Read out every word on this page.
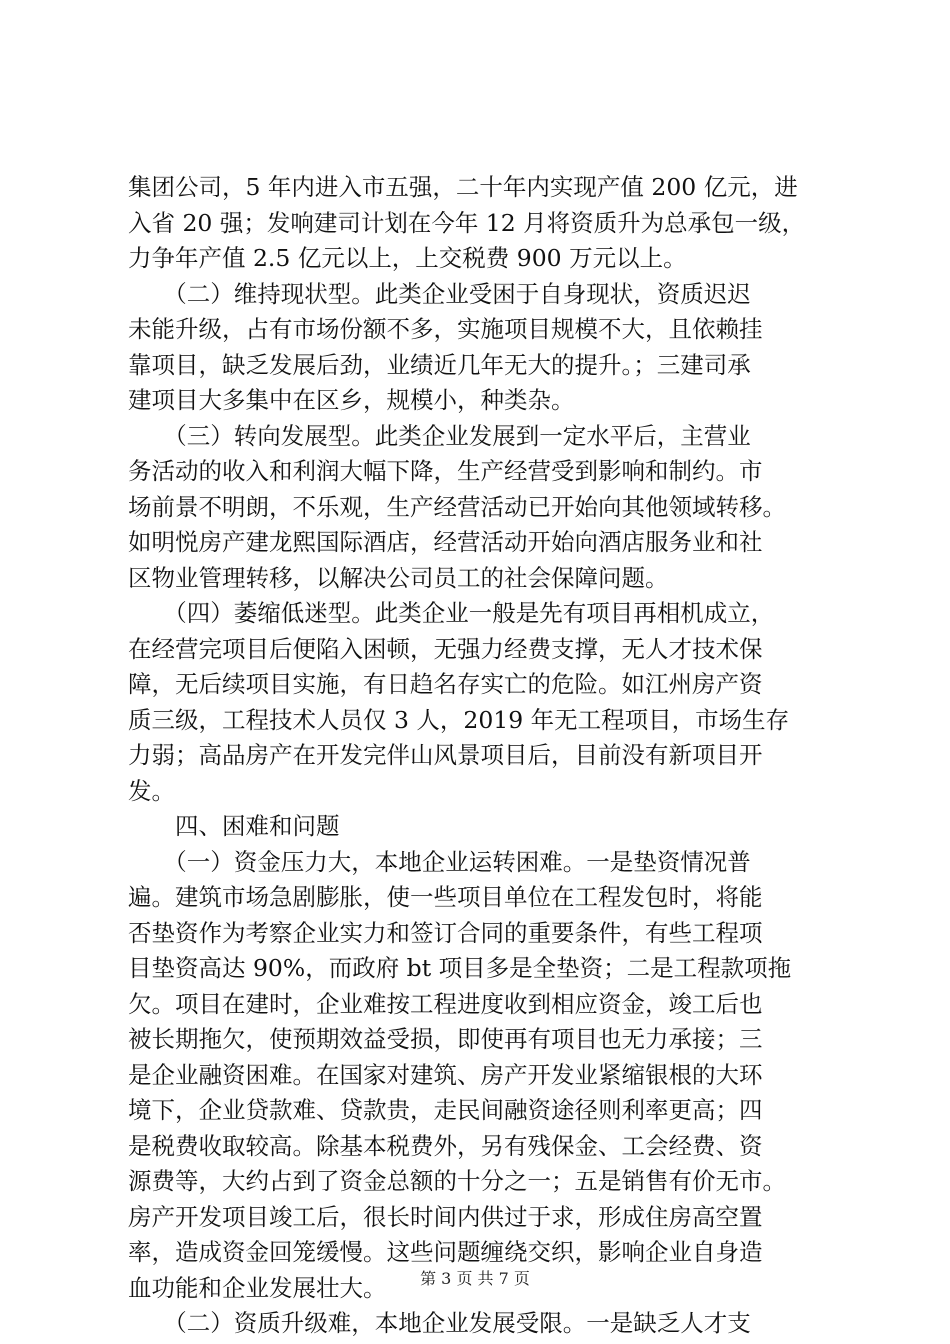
集团公司，5 年内进入市五强，二十年内实现产值 200 亿元，进
入省 20 强；发响建司计划在今年 12 月将资质升为总承包一级，
力争年产值 2.5 亿元以上，上交税费 900 万元以上。
　　（二）维持现状型。此类企业受困于自身现状，资质迟迟
未能升级，占有市场份额不多，实施项目规模不大，且依赖挂
靠项目，缺乏发展后劲，业绩近几年无大的提升。；三建司承
建项目大多集中在区乡，规模小，种类杂。
　　（三）转向发展型。此类企业发展到一定水平后，主营业
务活动的收入和利润大幅下降，生产经营受到影响和制约。市
场前景不明朗，不乐观，生产经营活动已开始向其他领域转移。
如明悦房产建龙熙国际酒店，经营活动开始向酒店服务业和社
区物业管理转移，以解决公司员工的社会保障问题。
　　（四）萎缩低迷型。此类企业一般是先有项目再相机成立，
在经营完项目后便陷入困顿，无强力经费支撑，无人才技术保
障，无后续项目实施，有日趋名存实亡的危险。如江州房产资
质三级，工程技术人员仅 3 人，2019 年无工程项目，市场生存
力弱；高品房产在开发完伴山风景项目后，目前没有新项目开
发。
　　四、困难和问题
　　（一）资金压力大，本地企业运转困难。一是垫资情况普
遍。建筑市场急剧膨胀，使一些项目单位在工程发包时，将能
否垫资作为考察企业实力和签订合同的重要条件，有些工程项
目垫资高达 90%，而政府 bt 项目多是全垫资；二是工程款项拖
欠。项目在建时，企业难按工程进度收到相应资金，竣工后也
被长期拖欠，使预期效益受损，即使再有项目也无力承接；三
是企业融资困难。在国家对建筑、房产开发业紧缩银根的大环
境下，企业贷款难、贷款贵，走民间融资途径则利率更高；四
是税费收取较高。除基本税费外，另有残保金、工会经费、资
源费等，大约占到了资金总额的十分之一；五是销售有价无市。
房产开发项目竣工后，很长时间内供过于求，形成住房高空置
率，造成资金回笼缓慢。这些问题缠绕交织，影响企业自身造
血功能和企业发展壮大。
　　（二）资质升级难，本地企业发展受限。一是缺乏人才支
第 3 页 共 7 页
